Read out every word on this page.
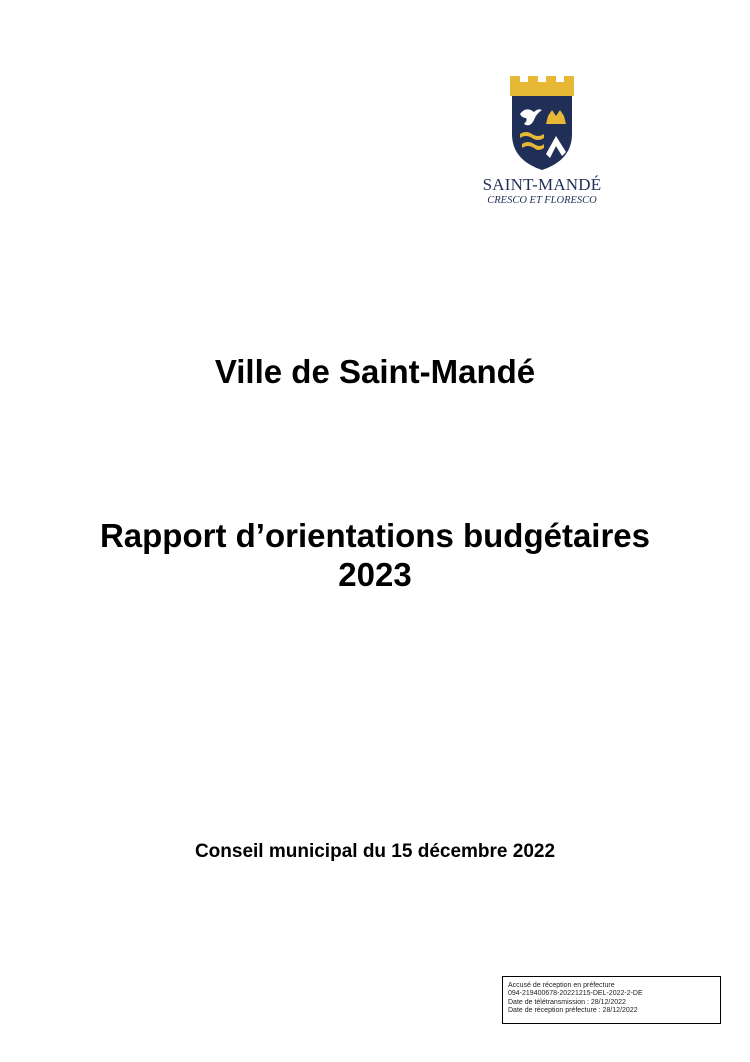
SAINT-MANDÉ
CRESCO ET FLORESCO
Ville de Saint-Mandé
Rapport d’orientations budgétaires
2023
Conseil municipal du 15 décembre 2022
Accusé de réception en préfecture
094-219400678-20221215-DEL-2022-2-DE
Date de télétransmission : 28/12/2022
Date de réception préfecture : 28/12/2022
